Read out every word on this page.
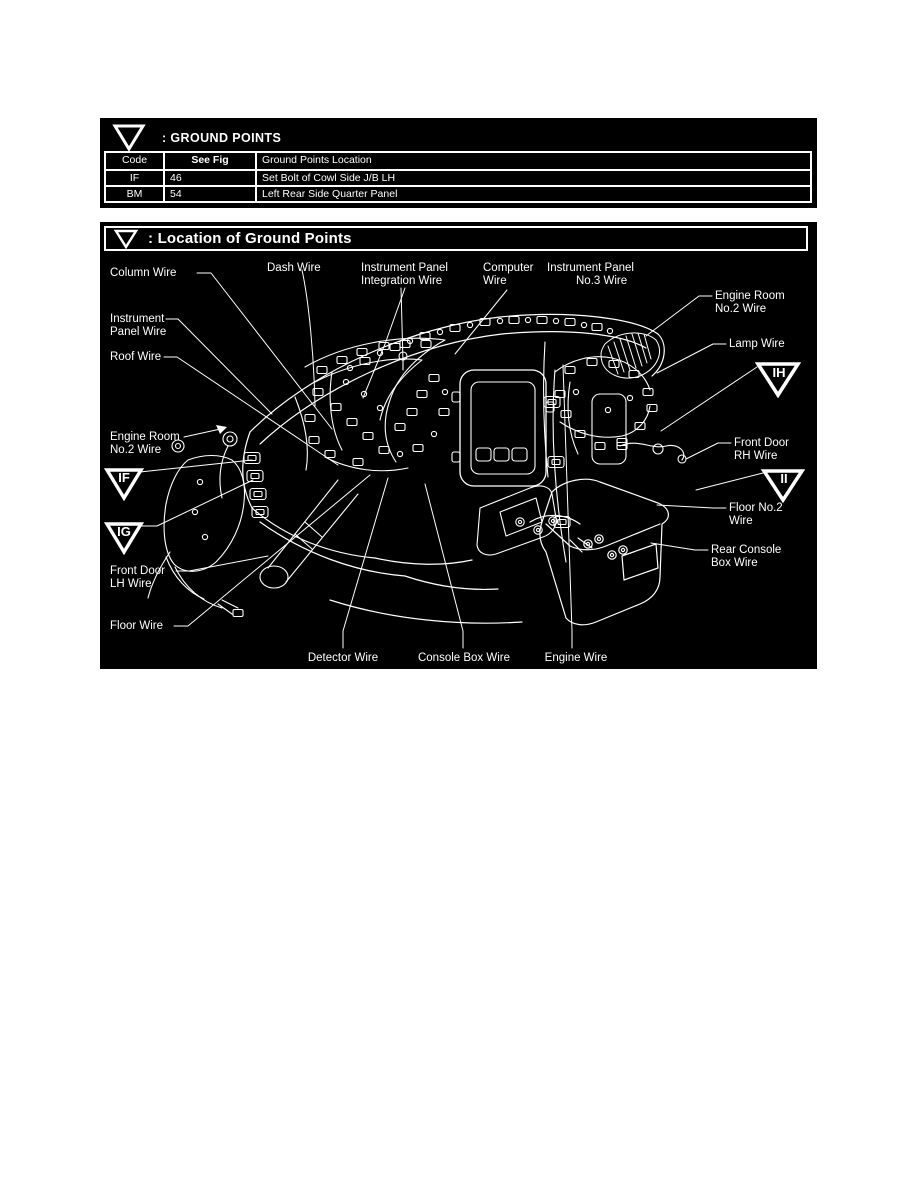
: GROUND POINTS
Code	See Fig	Ground Points Location
IF	46	Set Bolt of Cowl Side J/B LH
BM	54	Left Rear Side Quarter Panel
: Location of Ground Points
Column Wire	Dash Wire	Instrument Panel
Integration Wire
Computer
Wire
Instrument Panel
No.3 Wire
Engine Room
No.2 Wire
Lamp Wire
Front Door
RH Wire
Floor No.2
Wire
Rear Console
Box Wire
Instrument
Panel Wire
Roof Wire
Engine Room
No.2 Wire
Front Door
LH Wire
Floor Wire
Detector Wire	Console Box Wire	Engine Wire
IF
IG
IH
II
